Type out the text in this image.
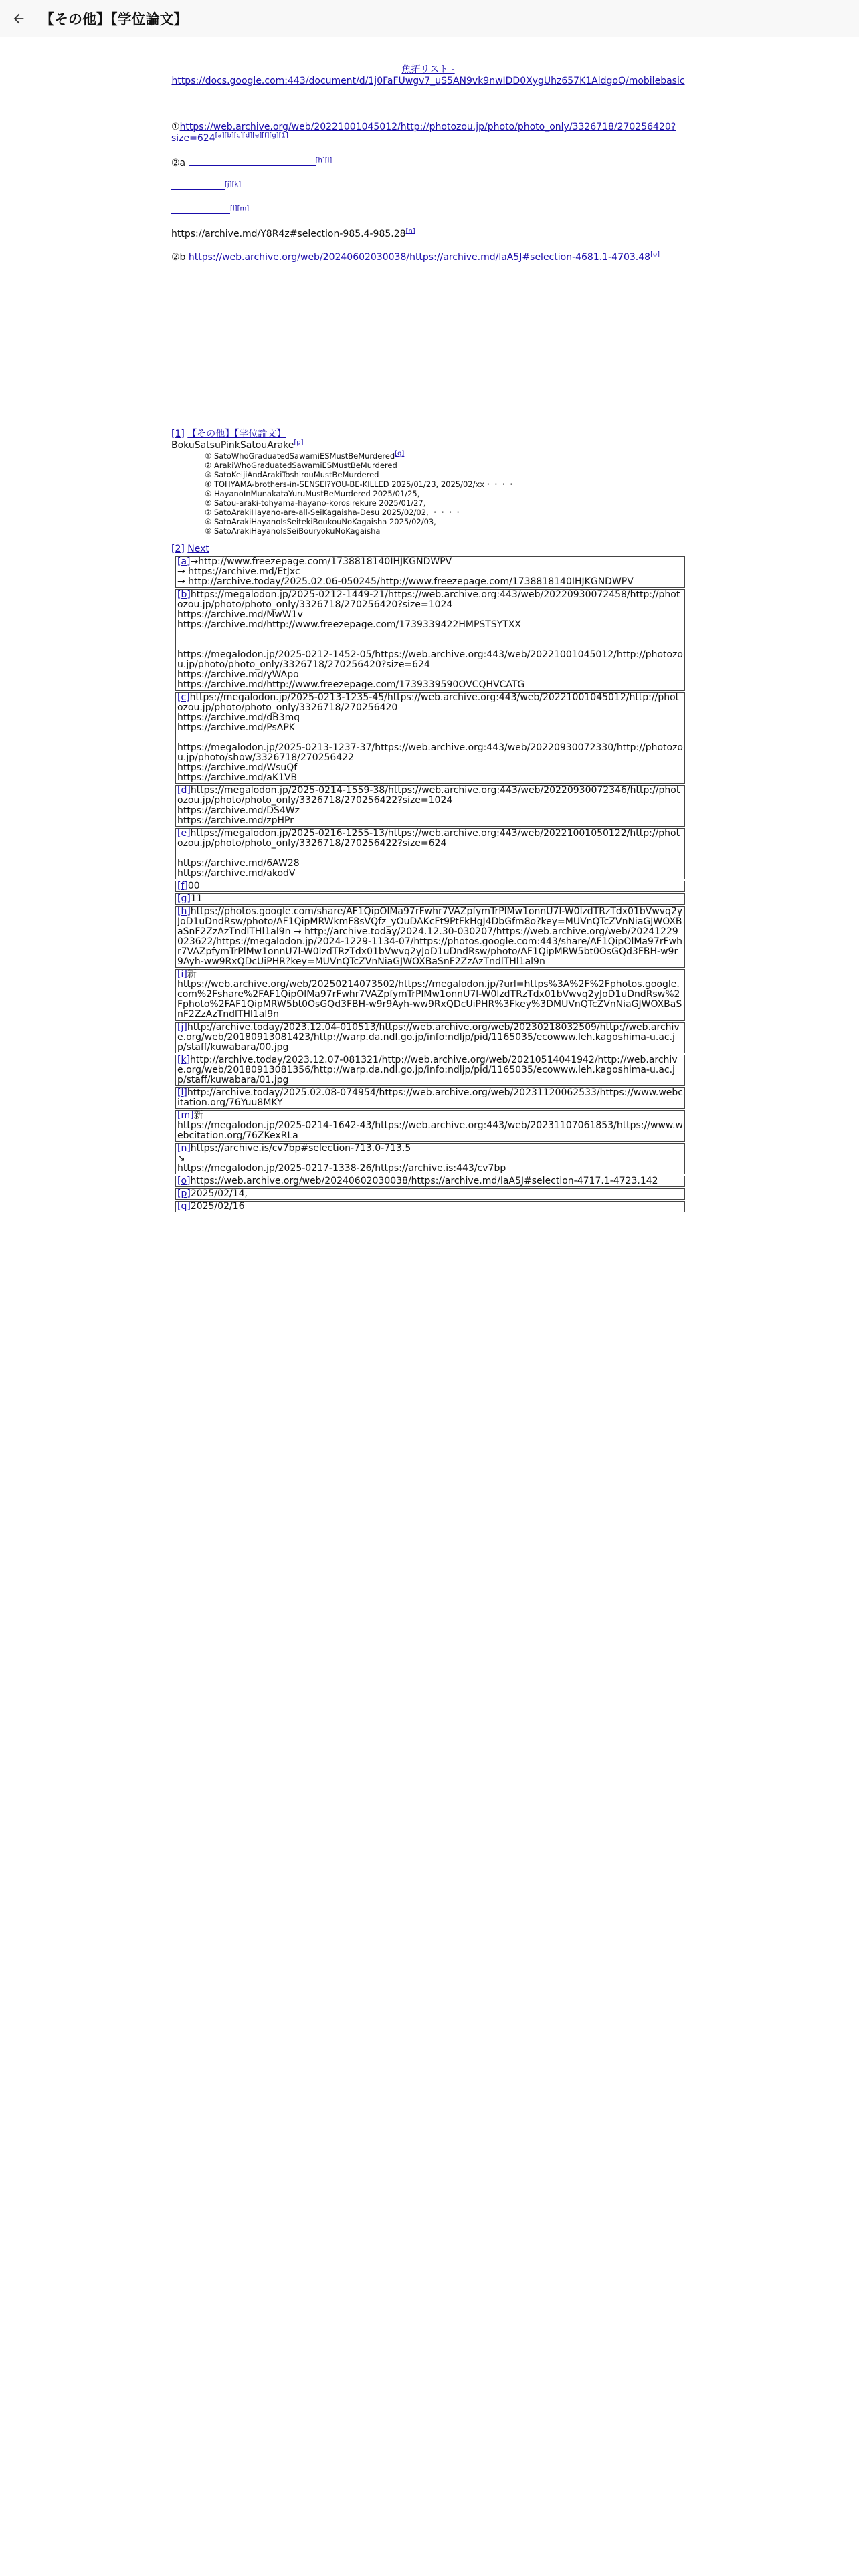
【その他】【学位論文】
魚拓リスト -
https://docs.google.com:443/document/d/1j0FaFUwgv7_uS5AN9vk9nwIDD0XygUhz657K1AldgoQ/mobilebasic

①https://web.archive.org/web/20221001045012/http://photozou.jp/photo/photo_only/3326718/270256420?size=624[a][b][c][d][e][f][g][1]

②a	[h][i]

[j][k]

[l][m]

https://archive.md/Y8R4z#selection-985.4-985.28[n]

②b https://web.archive.org/web/20240602030038/https://archive.md/laA5J#selection-4681.1-4703.48[o]

[1] 【その他】【学位論文】

BokuSatsuPinkSatouArake[p]

① SatoWhoGraduatedSawamiESMustBeMurdered[q]
② ArakiWhoGraduatedSawamiESMustBeMurdered
③ SatoKeijiAndArakiToshirouMustBeMurdered
④ TOHYAMA-brothers-in-SENSEI?YOU-BE-KILLED 2025/01/23, 2025/02/xx・・・・
⑤ HayanoInMunakataYuruMustBeMurdered 2025/01/25,
⑥ Satou-araki-tohyama-hayano-korosirekure 2025/01/27,
⑦ SatoArakiHayano-are-all-SeiKagaisha-Desu 2025/02/02, ・・・・
⑧ SatoArakiHayanoIsSeitekiBoukouNoKagaisha 2025/02/03,
⑨ SatoArakiHayanoIsSeiBouryokuNoKagaisha

[2] Next

[a]→http://www.freezepage.com/1738818140IHJKGNDWPV

→ https://archive.md/EtJxc

→ http://archive.today/2025.02.06-050245/http://www.freezepage.com/1738818140IHJKGNDWPV

[b]https://megalodon.jp/2025-0212-1449-21/https://web.archive.org:443/web/20220930072458/http://photozou.jp/photo/photo_only/3326718/270256420?size=1024

https://archive.md/MwW1v

https://archive.md/http://www.freezepage.com/1739339422HMPSTSYTXX

https://megalodon.jp/2025-0212-1452-05/https://web.archive.org:443/web/20221001045012/http://photozou.jp/photo/photo_only/3326718/270256420?size=624

https://archive.md/yWApo

https://archive.md/http://www.freezepage.com/1739339590OVCQHVCATG

[c]https://megalodon.jp/2025-0213-1235-45/https://web.archive.org:443/web/20221001045012/http://photozou.jp/photo/photo_only/3326718/270256420

https://archive.md/dB3mq

https://archive.md/PsAPK

https://megalodon.jp/2025-0213-1237-37/https://web.archive.org:443/web/20220930072330/http://photozou.jp/photo/show/3326718/270256422

https://archive.md/WsuQf

https://archive.md/aK1VB

[d]https://megalodon.jp/2025-0214-1559-38/https://web.archive.org:443/web/20220930072346/http://photozou.jp/photo/photo_only/3326718/270256422?size=1024

https://archive.md/DS4Wz

https://archive.md/zpHPr

[e]https://megalodon.jp/2025-0216-1255-13/https://web.archive.org:443/web/20221001050122/http://photozou.jp/photo/photo_only/3326718/270256422?size=624

https://archive.md/6AW28

https://archive.md/akodV

[f]00

[g]11

[h]https://photos.google.com/share/AF1QipOlMa97rFwhr7VAZpfymTrPlMw1onnU7l-W0lzdTRzTdx01bVwvq2yJoD1uDndRsw/photo/AF1QipMRWkmF8sVQfz_yOuDAKcFt9PtFkHgJ4DbGfm8o?key=MUVnQTcZVnNiaGJWOXBaSnF2ZzAzTndlTHl1al9n → http://archive.today/2024.12.30-030207/https://web.archive.org/web/20241229023622/https://megalodon.jp/2024-1229-1134-07/https://photos.google.com:443/share/AF1QipOlMa97rFwhr7VAZpfymTrPlMw1onnU7l-W0lzdTRzTdx01bVwvq2yJoD1uDndRsw/photo/AF1QipMRW5bt0OsGQd3FBH-w9r9Ayh-ww9RxQDcUiPHR?key=MUVnQTcZVnNiaGJWOXBaSnF2ZzAzTndlTHl1al9n

[i]新

https://web.archive.org/web/20250214073502/https://megalodon.jp/?url=https%3A%2F%2Fphotos.google.com%2Fshare%2FAF1QipOlMa97rFwhr7VAZpfymTrPlMw1onnU7l-W0lzdTRzTdx01bVwvq2yJoD1uDndRsw%2Fphoto%2FAF1QipMRW5bt0OsGQd3FBH-w9r9Ayh-ww9RxQDcUiPHR%3Fkey%3DMUVnQTcZVnNiaGJWOXBaSnF2ZzAzTndlTHl1al9n

[j]http://archive.today/2023.12.04-010513/https://web.archive.org/web/20230218032509/http://web.archive.org/web/20180913081423/http://warp.da.ndl.go.jp/info:ndljp/pid/1165035/ecowww.leh.kagoshima-u.ac.jp/staff/kuwabara/00.jpg

[k]http://archive.today/2023.12.07-081321/http://web.archive.org/web/20210514041942/http://web.archive.org/web/20180913081356/http://warp.da.ndl.go.jp/info:ndljp/pid/1165035/ecowww.leh.kagoshima-u.ac.jp/staff/kuwabara/01.jpg

[l]http://archive.today/2025.02.08-074954/https://web.archive.org/web/20231120062533/https://www.webcitation.org/76Yuu8MKY

[m]新

https://megalodon.jp/2025-0214-1642-43/https://web.archive.org:443/web/20231107061853/https://www.webcitation.org/76ZKexRLa

[n]https://archive.is/cv7bp#selection-713.0-713.5

↘

https://megalodon.jp/2025-0217-1338-26/https://archive.is:443/cv7bp

[o]https://web.archive.org/web/20240602030038/https://archive.md/laA5J#selection-4717.1-4723.142

[p]2025/02/14,

[q]2025/02/16
